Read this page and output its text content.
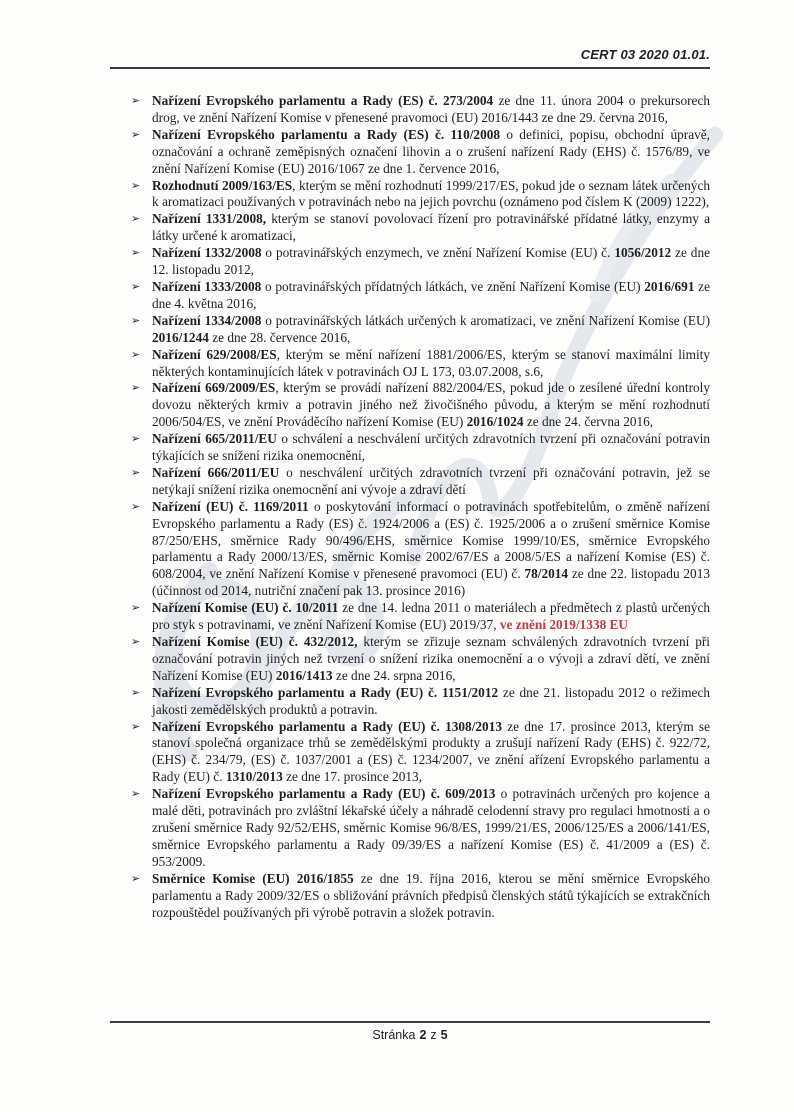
CERT 03 2020 01.01.
➢ Nařízení Evropského parlamentu a Rady (ES) č. 273/2004 ze dne 11. února 2004 o prekursorech drog, ve znění Nařízení Komise v přenesené pravomoci (EU) 2016/1443 ze dne 29. června 2016,
➢ Nařízení Evropského parlamentu a Rady (ES) č. 110/2008 o definici, popisu, obchodní úpravě, označování a ochraně zeměpisných označení lihovin a o zrušení nařízení Rady (EHS) č. 1576/89, ve znění Nařízení Komise (EU) 2016/1067 ze dne 1. července 2016,
➢ Rozhodnutí 2009/163/ES, kterým se mění rozhodnutí 1999/217/ES, pokud jde o seznam látek určených k aromatizaci používaných v potravinách nebo na jejich povrchu (oznámeno pod číslem K (2009) 1222),
➢ Nařízení 1331/2008, kterým se stanoví povolovací řízení pro potravinářské přídatné látky, enzymy a látky určené k aromatizaci,
➢ Nařízení 1332/2008 o potravinářských enzymech, ve znění Nařízení Komise (EU) č. 1056/2012 ze dne 12. listopadu 2012,
➢ Nařízení 1333/2008 o potravinářských přídatných látkách, ve znění Nařízení Komise (EU) 2016/691 ze dne 4. května 2016,
➢ Nařízení 1334/2008 o potravinářských látkách určených k aromatizaci, ve znění Nařízení Komise (EU) 2016/1244 ze dne 28. července 2016,
➢ Nařízení 629/2008/ES, kterým se mění nařízení 1881/2006/ES, kterým se stanoví maximální limity některých kontaminujících látek v potravinách OJ L 173, 03.07.2008, s.6,
➢ Nařízení 669/2009/ES, kterým se provádí nařízení 882/2004/ES, pokud jde o zesílené úřední kontroly dovozu některých krmiv a potravin jiného než živočišného původu, a kterým se mění rozhodnutí 2006/504/ES, ve znění Prováděcího nařízení Komise (EU) 2016/1024 ze dne 24. června 2016,
➢ Nařízení 665/2011/EU o schválení a neschválení určitých zdravotních tvrzení při označování potravin týkajících se snížení rizika onemocnění,
➢ Nařízení 666/2011/EU o neschválení určitých zdravotních tvrzení při označování potravin, jež se netýkají snížení rizika onemocnění ani vývoje a zdraví dětí
➢ Nařízení (EU) č. 1169/2011 o poskytování informací o potravinách spotřebitelům, o změně nařízení Evropského parlamentu a Rady (ES) č. 1924/2006 a (ES) č. 1925/2006 a o zrušení směrnice Komise 87/250/EHS, směrnice Rady 90/496/EHS, směrnice Komise 1999/10/ES, směrnice Evropského parlamentu a Rady 2000/13/ES, směrnic Komise 2002/67/ES a 2008/5/ES a nařízení Komise (ES) č. 608/2004, ve znění Nařízení Komise v přenesené pravomoci (EU) č. 78/2014 ze dne 22. listopadu 2013 (účinnost od 2014, nutriční značení pak 13. prosince 2016)
➢ Nařízení Komise (EU) č. 10/2011 ze dne 14. ledna 2011 o materiálech a předmětech z plastů určených pro styk s potravinami, ve znění Nařízení Komise (EU) 2019/37, ve znění 2019/1338 EU
➢ Nařízení Komise (EU) č. 432/2012, kterým se zřizuje seznam schválených zdravotních tvrzení při označování potravin jiných než tvrzení o snížení rizika onemocnění a o vývoji a zdraví dětí, ve znění Nařízení Komise (EU) 2016/1413 ze dne 24. srpna 2016,
➢ Nařízení Evropského parlamentu a Rady (EU) č. 1151/2012 ze dne 21. listopadu 2012 o režimech jakosti zemědělských produktů a potravin.
➢ Nařízení Evropského parlamentu a Rady (EU) č. 1308/2013 ze dne 17. prosince 2013, kterým se stanoví společná organizace trhů se zemědělskými produkty a zrušují nařízení Rady (EHS) č. 922/72, (EHS) č. 234/79, (ES) č. 1037/2001 a (ES) č. 1234/2007, ve znění ařízení Evropského parlamentu a Rady (EU) č. 1310/2013 ze dne 17. prosince 2013,
➢ Nařízení Evropského parlamentu a Rady (EU) č. 609/2013 o potravinách určených pro kojence a malé děti, potravinách pro zvláštní lékařské účely a náhradě celodenní stravy pro regulaci hmotnosti a o zrušení směrnice Rady 92/52/EHS, směrnic Komise 96/8/ES, 1999/21/ES, 2006/125/ES a 2006/141/ES, směrnice Evropského parlamentu a Rady 09/39/ES a nařízení Komise (ES) č. 41/2009 a (ES) č. 953/2009.
➢ Směrnice Komise (EU) 2016/1855 ze dne 19. října 2016, kterou se mění směrnice Evropského parlamentu a Rady 2009/32/ES o sbližování právních předpisů členských států týkajících se extrakčních rozpouštědel používaných při výrobě potravin a složek potravin.
Stránka 2 z 5
